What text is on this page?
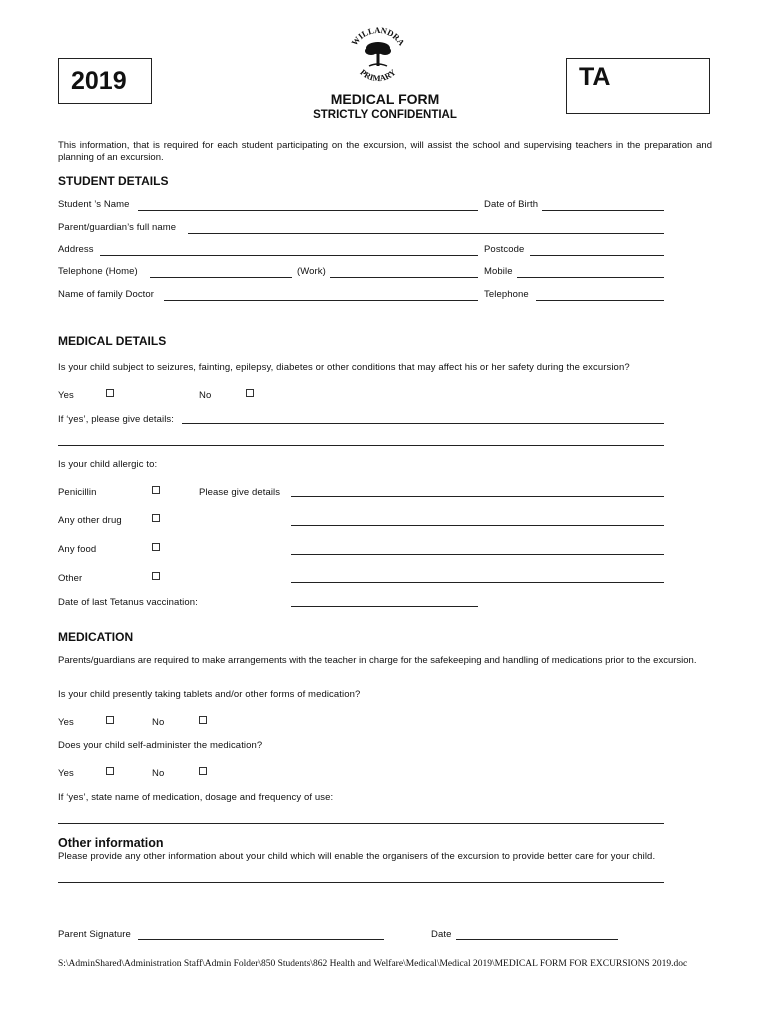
2019
WILLANDRA
PRIMARY	TA
MEDICAL FORM
STRICTLY CONFIDENTIAL
This information, that is required for each student participating on the excursion, will assist the school and supervising teachers in the preparation and planning of an excursion.
STUDENT DETAILS
Student ’s Name	Date of Birth
Parent/guardian’s full name
Address	Postcode
Telephone (Home)	(Work)	Mobile
Name of family Doctor	Telephone
MEDICAL DETAILS
Is your child subject to seizures, fainting, epilepsy, diabetes or other conditions that may affect his or her safety during the excursion?
Yes	No
If ‘yes’, please give details:
Is your child allergic to:
Penicillin	Please give details
Any other drug
Any food
Other
Date of last Tetanus vaccination:
MEDICATION
Parents/guardians are required to make arrangements with the teacher in charge for the safekeeping and handling of medications prior to the excursion.
Is your child presently taking tablets and/or other forms of medication?
Yes	No
Does your child self-administer the medication?
Yes	No
If ‘yes’, state name of medication, dosage and frequency of use:
Other information
Please provide any other information about your child which will enable the organisers of the excursion to provide better care for your child.
Parent Signature	Date
S:\AdminShared\Administration Staff\Admin Folder\850 Students\862 Health and Welfare\Medical\Medical 2019\MEDICAL FORM FOR EXCURSIONS 2019.doc
